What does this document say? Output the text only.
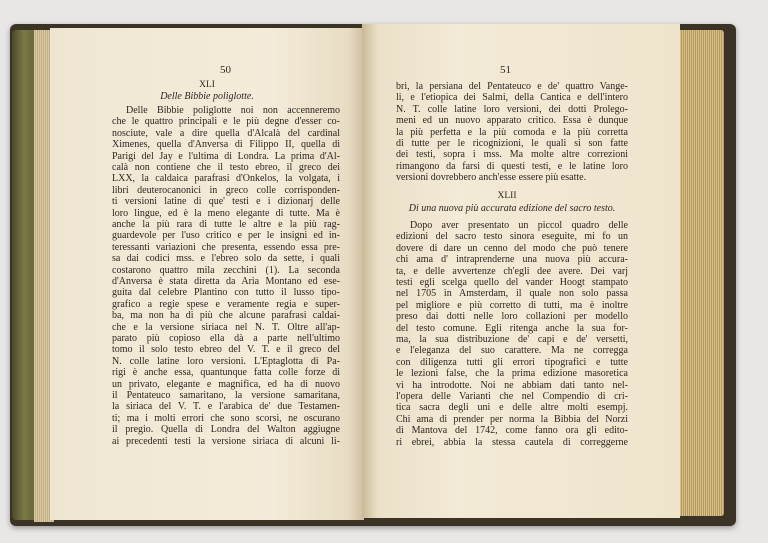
50
XLI
Delle Bibbie poliglotte.
Delle Bibbie poliglotte noi non accenneremo
che le quattro principali e le più degne d'esser co-
nosciute, vale a dire quella d'Alcalà del cardinal
Ximenes, quella d'Anversa di Filippo II, quella di
Parigi del Jay e l'ultima di Londra. La prima d'Al-
calà non contiene che il testo ebreo, il greco dei
LXX, la caldaica parafrasi d'Onkelos, la volgata, i
libri deuterocanonici in greco colle corrisponden-
ti versioni latine di que' testi e i dizionarj delle
loro lingue, ed è la meno elegante di tutte. Ma è
anche la più rara di tutte le altre e la più rag-
guardevole per l'uso critico e per le insigni ed in-
teressanti variazioni che presenta, essendo essa pre-
sa dai codici mss. e l'ebreo solo da sette, i quali
costarono quattro mila zecchini (1). La seconda
d'Anversa è stata diretta da Aria Montano ed ese-
guita dal celebre Plantino con tutto il lusso tipo-
grafico a regie spese e veramente regia e super-
ba, ma non ha di più che alcune parafrasi caldai-
che e la versione siriaca nel N. T. Oltre all'ap-
parato più copioso ella dà a parte nell'ultimo
tomo il solo testo ebreo del V. T. e il greco del
N. colle latine loro versioni. L'Eptaglotta di Pa-
rigi è anche essa, quantunque fatta colle forze di
un privato, elegante e magnifica, ed ha di nuovo
il Pentateuco samaritano, la versione samaritana,
la siriaca del V. T. e l'arabica de' due Testamen-
ti; ma i molti errori che sono scorsi, ne oscurano
il pregio. Quella di Londra del Walton aggiugne
ai precedenti testi la versione siriaca di alcuni li-
51
bri, la persiana del Pentateuco e de' quattro Vange-
li, e l'etiopica dei Salmi, della Cantica e dell'intero
N. T. colle latine loro versioni, dei dotti Prolego-
meni ed un nuovo apparato critico. Essa è dunque
la più perfetta e la più comoda e la più corretta
di tutte per le ricognizioni, le quali si son fatte
dei testi, sopra i mss. Ma molte altre correzioni
rimangono da farsi di questi testi, e le latine loro
versioni dovrebbero anch'esse essere più esatte.
XLII
Di una nuova più accurata edizione del sacro testo.
Dopo aver presentato un piccol quadro delle
edizioni del sacro testo sinora eseguite, mi fo un
dovere di dare un cenno del modo che può tenere
chi ama d' intraprenderne una nuova più accura-
ta, e delle avvertenze ch'egli dee avere. Dei varj
testi egli scelga quello del vander Hoogt stampato
nel 1705 in Amsterdam, il quale non solo passa
pel migliore e più corretto di tutti, ma è inoltre
preso dai dotti nelle loro collazioni per modello
del testo comune. Egli ritenga anche la sua for-
ma, la sua distribuzione de' capi e de' versetti,
e l'eleganza del suo carattere. Ma ne corregga
con diligenza tutti gli errori tipografici e tutte
le lezioni false, che la prima edizione masoretica
vi ha introdotte. Noi ne abbiam dati tanto nel-
l'opera delle Varianti che nel Compendio di cri-
tica sacra degli uni e delle altre molti esempj.
Chi ama di prender per norma la Bibbia del Norzi
di Mantova del 1742, come fanno ora gli edito-
ri ebrei, abbia la stessa cautela di correggerne
